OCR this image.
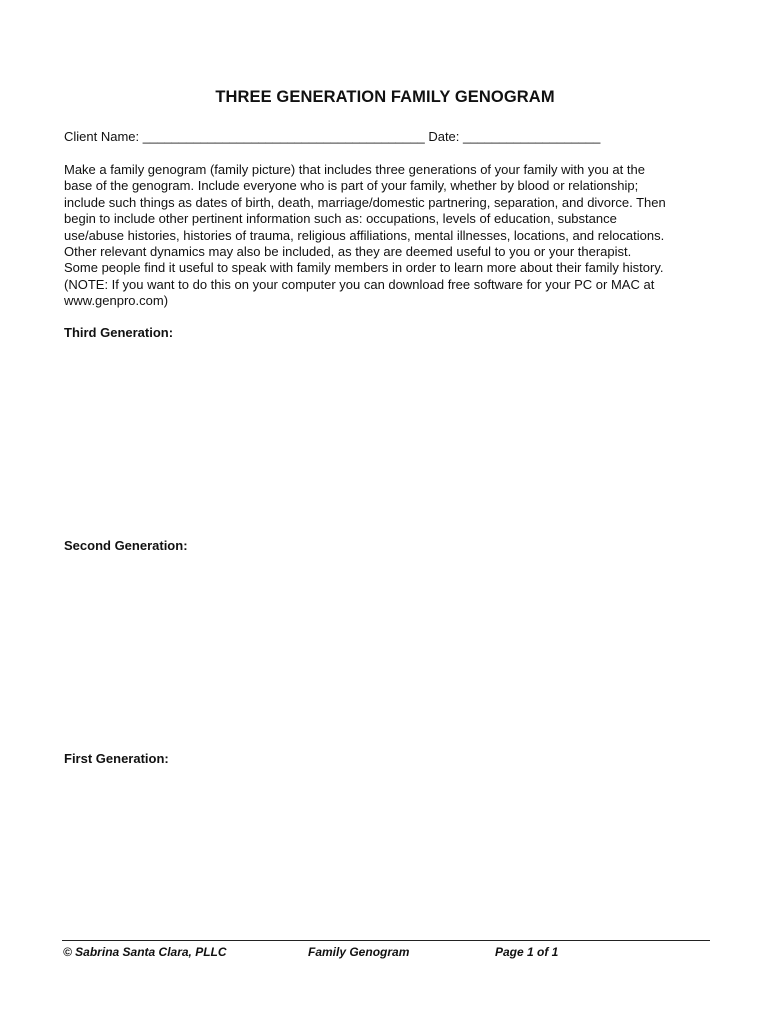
THREE GENERATION FAMILY GENOGRAM
Client Name: _______________________________________ Date: ___________________

Make a family genogram (family picture) that includes three generations of your family with you at the

base of the genogram. Include everyone who is part of your family, whether by blood or relationship;

include such things as dates of birth, death, marriage/domestic partnering, separation, and divorce. Then

begin to include other pertinent information such as: occupations, levels of education, substance

use/abuse histories, histories of trauma, religious affiliations, mental illnesses, locations, and relocations.

Other relevant dynamics may also be included, as they are deemed useful to you or your therapist.

Some people find it useful to speak with family members in order to learn more about their family history.

(NOTE: If you want to do this on your computer you can download free software for your PC or MAC at

www.genpro.com)

Third Generation:
Second Generation:
First Generation:
© Sabrina Santa Clara, PLLC	Family Genogram	Page 1 of 1
